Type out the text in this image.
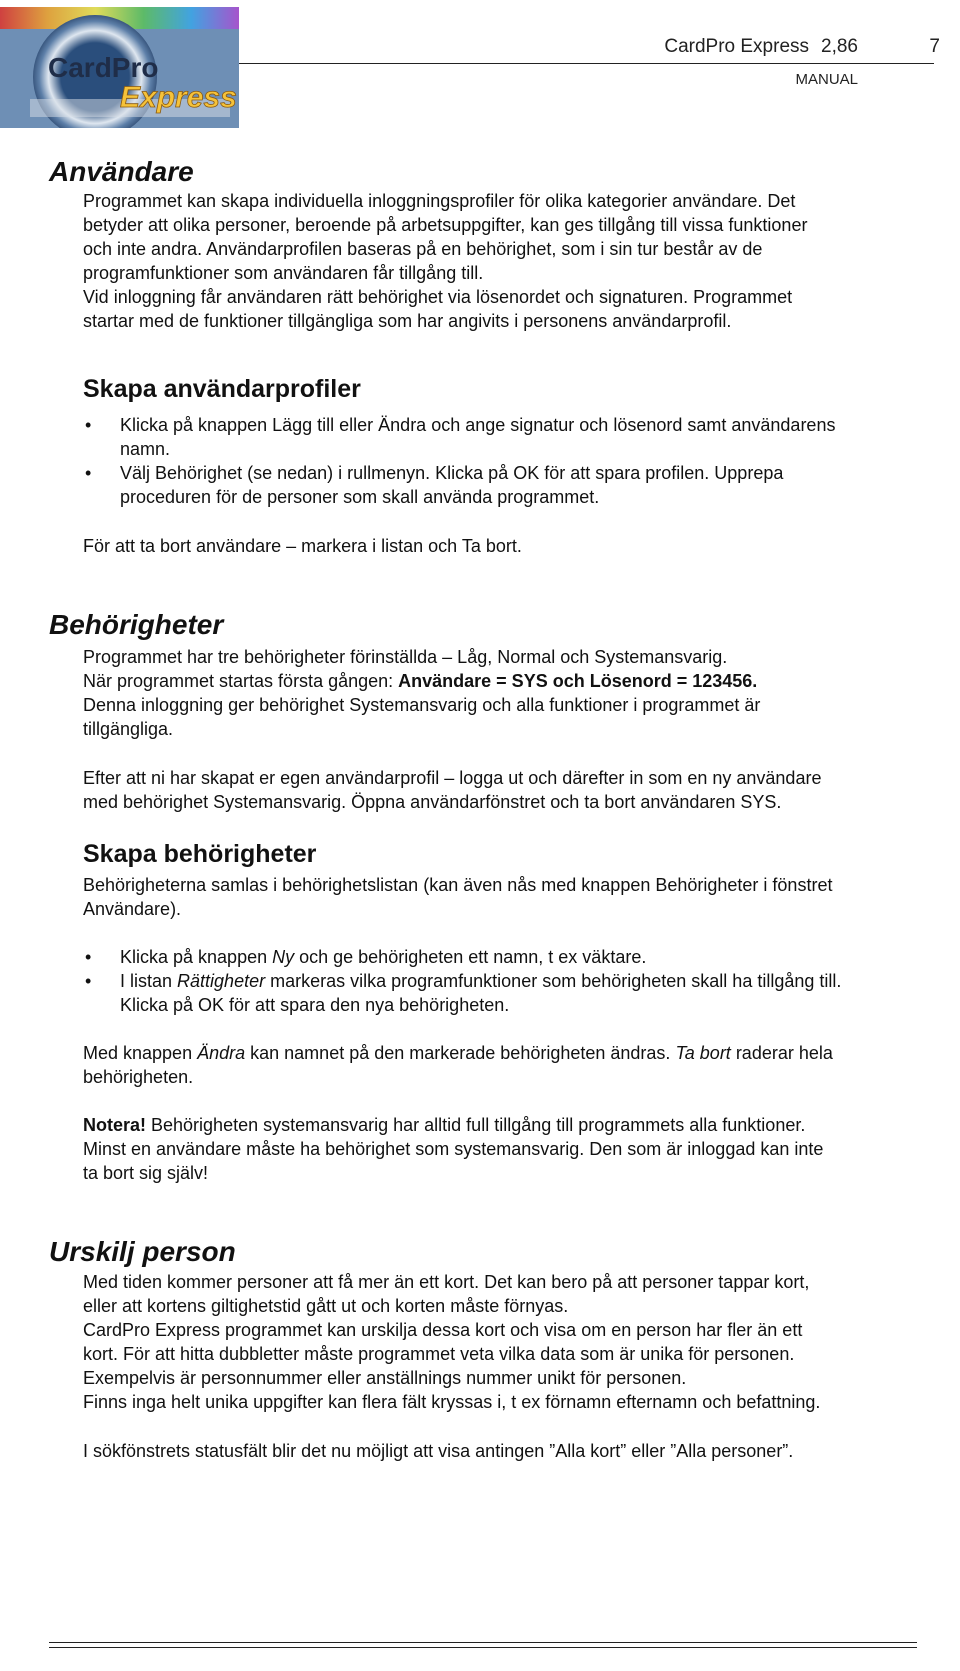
CardPro
Express
CardPro Express 2,86	7
MANUAL
Användare
Programmet kan skapa individuella inloggningsprofiler för olika kategorier användare. Det
betyder att olika personer, beroende på arbetsuppgifter, kan ges tillgång till vissa funktioner
och inte andra. Användarprofilen baseras på en behörighet, som i sin tur består av de
programfunktioner som användaren får tillgång till.
Vid inloggning får användaren rätt behörighet via lösenordet och signaturen. Programmet
startar med de funktioner tillgängliga som har angivits i personens användarprofil.
Skapa användarprofiler
• Klicka på knappen Lägg till eller Ändra och ange signatur och lösenord samt användarens
namn.
• Välj Behörighet (se nedan) i rullmenyn. Klicka på OK för att spara profilen. Upprepa
proceduren för de personer som skall använda programmet.

För att ta bort användare – markera i listan och Ta bort.

Behörigheter
Programmet har tre behörigheter förinställda – Låg, Normal och Systemansvarig.
När programmet startas första gången: Användare = SYS och Lösenord = 123456.
Denna inloggning ger behörighet Systemansvarig och alla funktioner i programmet är
tillgängliga.
Efter att ni har skapat er egen användarprofil – logga ut och därefter in som en ny användare
med behörighet Systemansvarig. Öppna användarfönstret och ta bort användaren SYS.
Skapa behörigheter
Behörigheterna samlas i behörighetslistan (kan även nås med knappen Behörigheter i fönstret
Användare).
• Klicka på knappen Ny och ge behörigheten ett namn, t ex väktare.
• I listan Rättigheter markeras vilka programfunktioner som behörigheten skall ha tillgång till.
Klicka på OK för att spara den nya behörigheten.
Med knappen Ändra kan namnet på den markerade behörigheten ändras. Ta bort raderar hela
behörigheten.
Notera! Behörigheten systemansvarig har alltid full tillgång till programmets alla funktioner.
Minst en användare måste ha behörighet som systemansvarig. Den som är inloggad kan inte
ta bort sig själv!
Urskilj person
Med tiden kommer personer att få mer än ett kort. Det kan bero på att personer tappar kort,
eller att kortens giltighetstid gått ut och korten måste förnyas.
CardPro Express programmet kan urskilja dessa kort och visa om en person har fler än ett
kort. För att hitta dubbletter måste programmet veta vilka data som är unika för personen.
Exempelvis är personnummer eller anställnings nummer unikt för personen.
Finns inga helt unika uppgifter kan flera fält kryssas i, t ex förnamn efternamn och befattning.

I sökfönstrets statusfält blir det nu möjligt att visa antingen ”Alla kort” eller ”Alla personer”.
